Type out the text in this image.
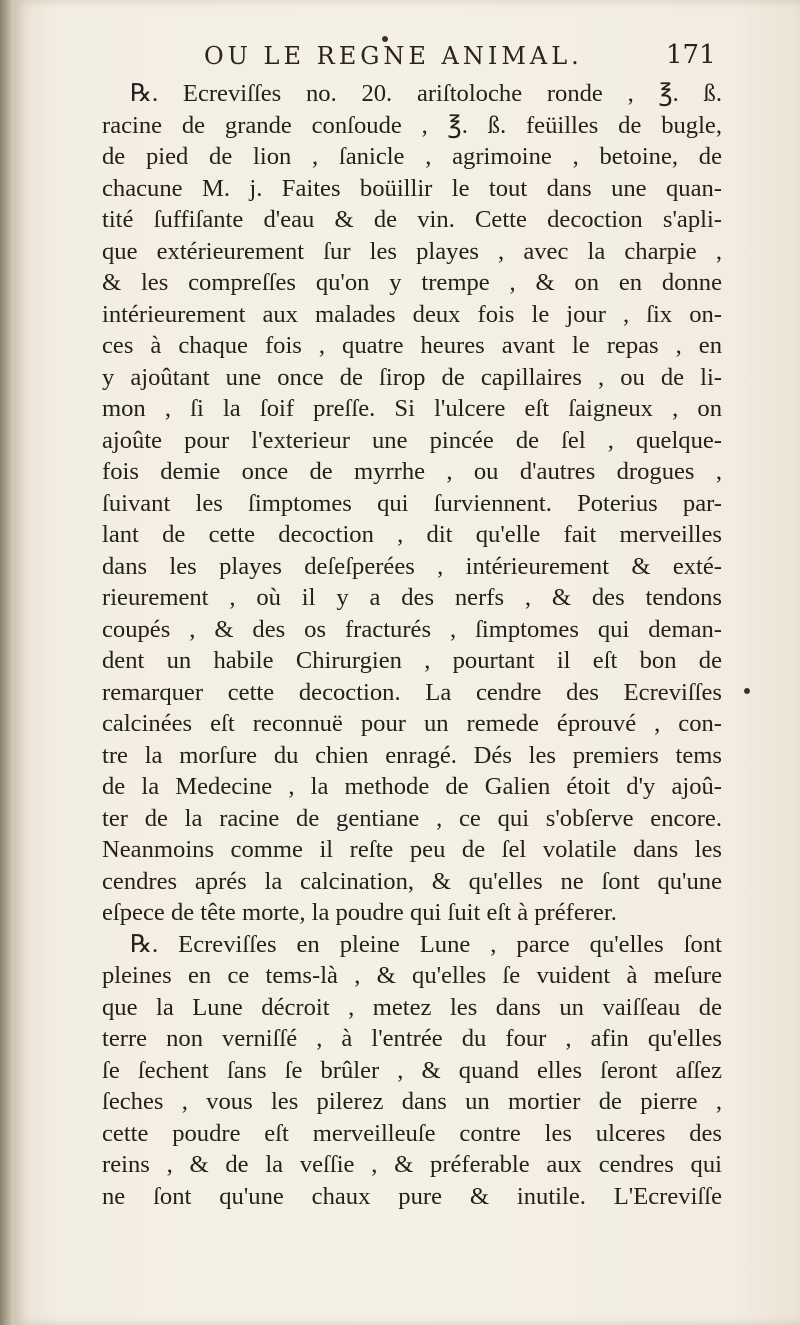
OU LE REGNE ANIMAL.	171
℞. Ecreviſſes no. 20. ariſtoloche ronde , ℥. ß.
racine de grande conſoude , ℥. ß. feüilles de bugle,
de pied de lion , ſanicle , agrimoine , betoine, de
chacune M. j. Faites boüillir le tout dans une quan-
tité ſuffiſante d'eau & de vin. Cette decoction s'apli-
que extérieurement ſur les playes , avec la charpie ,
& les compreſſes qu'on y trempe , & on en donne
intérieurement aux malades deux fois le jour , ſix on-
ces à chaque fois , quatre heures avant le repas , en
y ajoûtant une once de ſirop de capillaires , ou de li-
mon , ſi la ſoif preſſe. Si l'ulcere eſt ſaigneux , on
ajoûte pour l'exterieur une pincée de ſel , quelque-
fois demie once de myrrhe , ou d'autres drogues ,
ſuivant les ſimptomes qui ſurviennent. Poterius par-
lant de cette decoction , dit qu'elle fait merveilles
dans les playes deſeſperées , intérieurement & exté-
rieurement , où il y a des nerfs , & des tendons
coupés , & des os fracturés , ſimptomes qui deman-
dent un habile Chirurgien , pourtant il eſt bon de
remarquer cette decoction. La cendre des Ecreviſſes
calcinées eſt reconnuë pour un remede éprouvé , con-
tre la morſure du chien enragé. Dés les premiers tems
de la Medecine , la methode de Galien étoit d'y ajoû-
ter de la racine de gentiane , ce qui s'obſerve encore.
Neanmoins comme il reſte peu de ſel volatile dans les
cendres aprés la calcination, & qu'elles ne ſont qu'une
eſpece de tête morte, la poudre qui ſuit eſt à préferer.
℞. Ecreviſſes en pleine Lune , parce qu'elles ſont
pleines en ce tems-là , & qu'elles ſe vuident à meſure
que la Lune décroit , metez les dans un vaiſſeau de
terre non verniſſé , à l'entrée du four , afin qu'elles
ſe ſechent ſans ſe brûler , & quand elles ſeront aſſez
ſeches , vous les pilerez dans un mortier de pierre ,
cette poudre eſt merveilleuſe contre les ulceres des
reins , & de la veſſie , & préferable aux cendres qui
ne ſont qu'une chaux pure & inutile. L'Ecreviſſe
